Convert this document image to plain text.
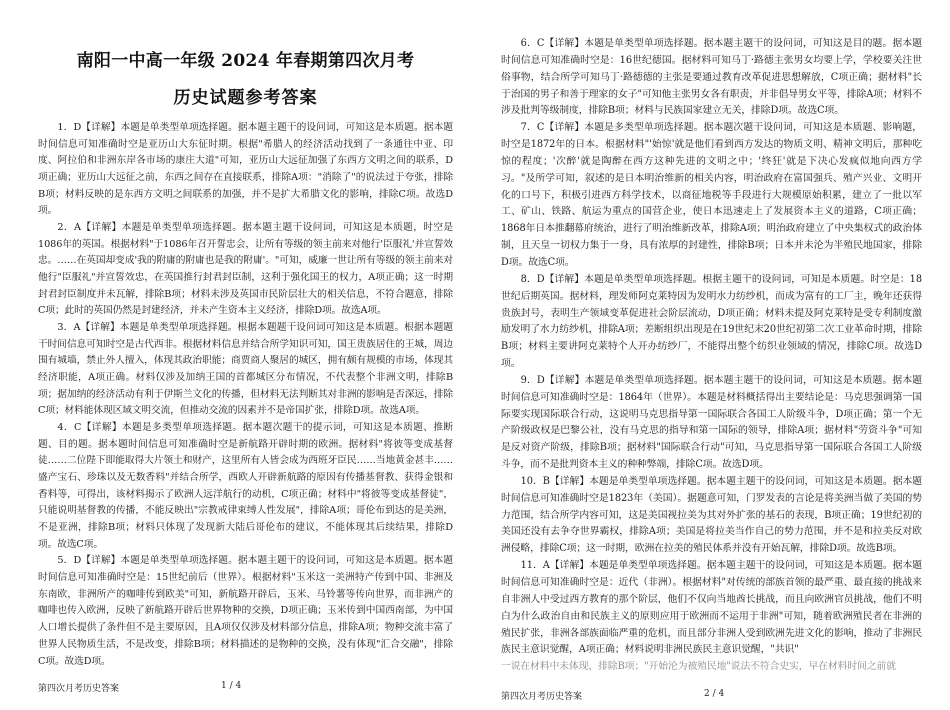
南阳一中高一年级 2024 年春期第四次月考
历史试题参考答案

1．D【详解】本题是单类型单项选择题。据本题主题干的设问词，可知这是本质题。据本题时间信息可知准确时空是亚历山大东征时期。根据"希腊人的经济活动找到了一条通往中亚、印度、阿拉伯和非洲东岸各市场的康庄大道"可知，亚历山大远征加强了东西方文明之间的联系，D项正确；亚历山大远征之前，东西之间存在直接联系，排除A项："消除了"的说法过于夸张，排除B项；材料反映的是东西方文明之间联系的加强，并不是扩大希腊文化的影响，排除C项。故选D项。

2．A【详解】本题是单类型单项选择题。据本题主题干设问词，可知这是本质题，时空是1086年的英国。根据材料"于1086年召开誓忠会，让所有等级的领主前来对他行'臣服礼'并宣誓效忠。……在英国却变成'我的附庸的附庸也是我的附庸'。"可知，威廉一世让所有等级的领主前来对他行"臣服礼"并宣誓效忠，在英国推行封君封臣制，这利于强化国王的权力，A项正确；这一时期封君封臣制度并未瓦解，排除B项；材料未涉及英国市民阶层壮大的相关信息，不符合题意，排除C项；此时的英国仍然是封建经济，并未产生资本主义经济，排除D项。故选A项。

3．A【详解】本题是单类型单项选择题。根据本题题干设问词可知这是本质题。根据本题题干时间信息可知时空是古代西非。根据材料信息并结合所学知识可知，国王贵族居住的王城，周边围有城墙，禁止外人擅入，体现其政治职能；商贾商人聚居的城区，拥有颇有规模的市场，体现其经济职能，A项正确。材料仅涉及加纳王国的首都城区分布情况，不代表整个非洲文明，排除B项；据加纳的经济活动有利于伊斯兰文化的传播，但材料无法判断其对非洲的影响是否深远，排除C项；材料能体现区域文明交流，但推动交流的因素并不是帝国扩张，排除D项。故选A项。

4．C【详解】本题是多类型单项选择题。据本题次题干的提示词，可知这是本质题、推断题、目的题。据本题时间信息可知准确时空是新航路开辟时期的欧洲。据材料"将彼等变成基督徒……二位陛下即能取得大片领土和财产，这里所有人皆会成为西班牙臣民……当地黄金甚丰……盛产宝石、珍珠以及无数香料"并结合所学，西欧人开辟新航路的原因有传播基督教、获得金银和香料等，可得出，该材料揭示了欧洲人远洋航行的动机，C项正确；材料中"将彼等变成基督徒"，只能说明基督教的传播，不能反映出"宗教戒律束缚人性发展"，排除A项；哥伦布到达的是美洲，不是亚洲，排除B项；材料只体现了发现新大陆后哥伦布的建议，不能体现其后续结果，排除D项。故选C项。

5．D【详解】本题是单类型单项选择题。据本题主题干的设问词，可知这是本质题。据本题时间信息可知准确时空是：15世纪前后（世界）。根据材料"玉米这一美洲特产传到中国、非洲及东南欧，非洲所产的咖啡传到欧美"可知，新航路开辟后，玉米、马铃薯等传向世界，而非洲产的咖啡也传入欧洲，反映了新航路开辟后世界物种的交换，D项正确；玉米传到中国西南部，为中国人口增长提供了条件但不是主要原因，且A项仅仅涉及材料部分信息，排除A项；物种交流丰富了世界人民物质生活，不是改变，排除B项；材料描述的是物种的交换，没有体现"汇合交融"，排除C项。故选D项。

第四次月考历史答案	1 / 4

6．C【详解】本题是单类型单项选择题。据本题主题干的设问词，可知这是目的题。据本题时间信息可知准确时空是：16世纪德国。据材料可知马丁·路德主张男女均要上学，学校要关注世俗事物，结合所学可知马丁·路德德的主张是要通过教育改革促进思想解放，C项正确；据材料"长于治国的男子和善于理家的女子"可知他主张男女各有职责，并非倡导男女平等，排除A项；材料不涉及批判等级制度，排除B项；材料与民族国家建立无关，排除D项。故选C项。

7．C【详解】本题是多类型单项选择题。据本题次题干设问词，可知这是本质题、影响题，时空是1872年的日本。根据材料"'始惊'就是他们看到西方发达的物质文明、精神文明后，那种吃惊的程度；'次醉'就是陶醉在西方这种先进的文明之中；'终狂'就是下决心发疯似地向西方学习。"及所学可知，叙述的是日本明治维新的相关内容，明治政府在富国强兵、殖产兴业、文明开化的口号下，积极引进西方科学技术，以商征地税等手段进行大规模原始积累，建立了一批以军工、矿山、铁路、航运为重点的国营企业，使日本迅速走上了发展资本主义的道路，C项正确；1868年日本推翻幕府统治，进行了明治维新改革，排除A项；明治政府建立了中央集权式的政治体制，且天皇一切权力集于一身，具有浓厚的封建性，排除B项；日本并未沦为半殖民地国家，排除D项。故选C项。

8．D【详解】本题是单类型单项选择题。根据主题干的设问词，可知是本质题。时空是：18世纪后期英国。据材料，理发师阿克莱特因为发明水力纺纱机，而成为富有的工厂主，晚年还获得贵族封号，表明生产领域变革促进社会阶层流动，D项正确；材料未提及阿克莱特是受专利制度激励发明了水力纺纱机，排除A项；差断组织出现是在19世纪末20世纪初第二次工业革命时期，排除B项；材料主要讲阿克莱特个人开办纺纱厂，不能得出整个纺织业领域的情况，排除C项。故选D项。

9．D【详解】本题是单类型单项选择题。据本题主题干的设问词，可知这是本质题。据本题时间信息可知准确时空是：1864年（世界）。本题是材料概括得出主要结论是：马克思强调第一国际要实现国际联合行动，这说明马克思指导第一国际联合各国工人阶级斗争，D项正确；第一个无产阶级政权是巴黎公社，没有马克思的指导和第一国际的领导，排除A项；据材料"劳资斗争"可知是反对资产阶级，排除B项；据材料"国际联合行动"可知，马克思指导第一国际联合各国工人阶级斗争，而不是批判资本主义的种种弊端，排除C项。故选D项。

10．B【详解】本题是单类型单项选择题。据本题主题干的设问词，可知这是本质题。据本题时间信息可知准确时空是1823年（美国）。据题意可知，门罗发表的言论是将美洲当做了美国的势力范围，结合所学内容可知，这是美国视拉美为其对外扩张的基石的表现，B项正确；19世纪初的美国还没有去争夺世界霸权，排除A项；美国是将拉美当作自己的势力范围，并不是和拉美反对欧洲侵略，排除C项；这一时期，欧洲在拉美的殖民体系并没有开始瓦解，排除D项。故选B项。

11．A【详解】本题是单类型单项选择题。据本题主题干的设问词，可知这是本质题。据本题时间信息可知准确时空是：近代（非洲）。根据材料"对传统的部族首领的最严重、最直接的挑战来自非洲人中受过西方教育的那个阶层，他们不仅向当地酋长挑战，而且向欧洲官员挑战，他们不明白为什么政治自由和民族主义的原则应用于欧洲而不运用于非洲"可知，随着欧洲殖民者在非洲的殖民扩张，非洲各部族面临严重的危机，而且部分非洲人受到欧洲先进文化的影响，推动了非洲民族民主意识觉醒，A项正确；材料说明非洲民族民主意识觉醒，"共识"

一说在材料中未体现，排除B项；"开始沦为被殖民地"说法不符合史实，早在材料时间之前就

第四次月考历史答案	2 / 4
